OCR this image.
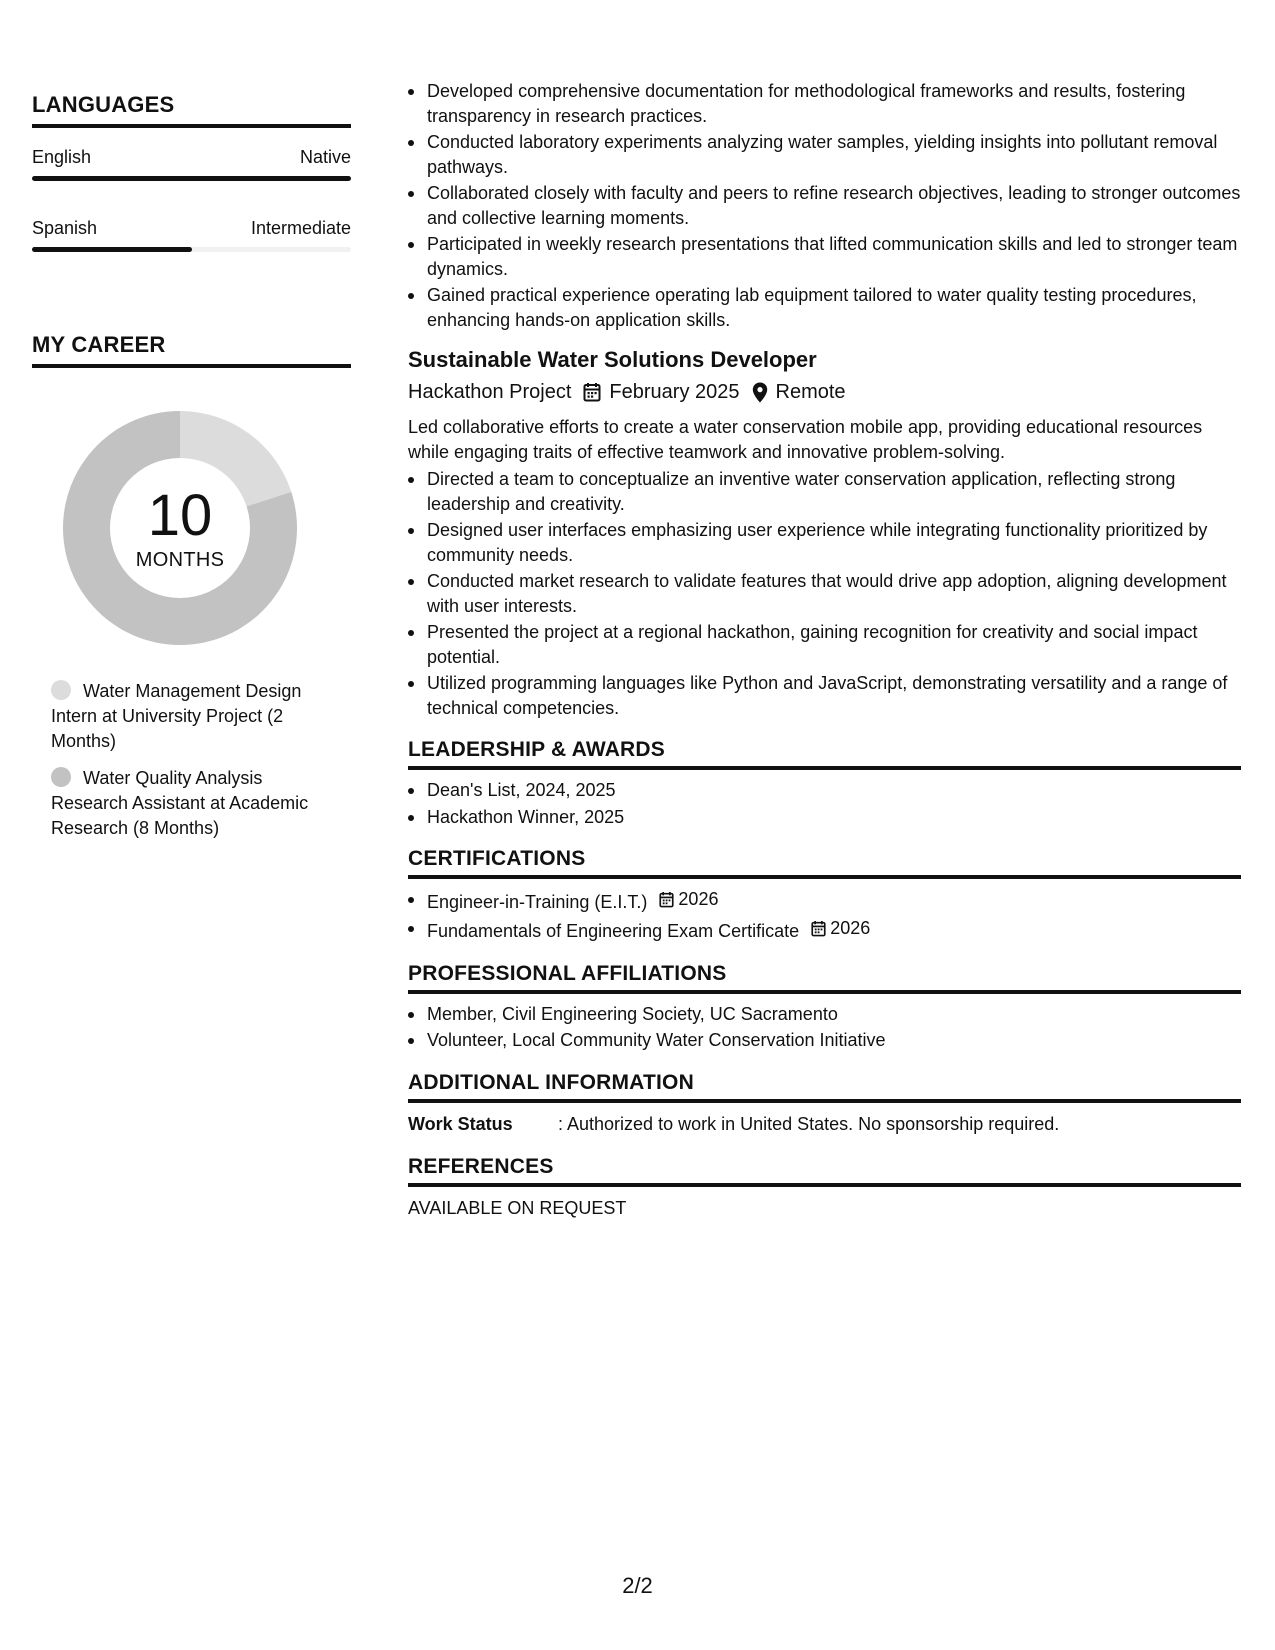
LANGUAGES
English	Native
Spanish	Intermediate
MY CAREER
10
MONTHS
Water Management Design Intern at University Project (2 Months)
Water Quality Analysis Research Assistant at Academic Research (8 Months)
Developed comprehensive documentation for methodological frameworks and results, fostering transparency in research practices.
Conducted laboratory experiments analyzing water samples, yielding insights into pollutant removal pathways.
Collaborated closely with faculty and peers to refine research objectives, leading to stronger outcomes and collective learning moments.
Participated in weekly research presentations that lifted communication skills and led to stronger team dynamics.
Gained practical experience operating lab equipment tailored to water quality testing procedures, enhancing hands-on application skills.
Sustainable Water Solutions Developer
Hackathon Project February 2025 Remote
Led collaborative efforts to create a water conservation mobile app, providing educational resources while engaging traits of effective teamwork and innovative problem-solving.
Directed a team to conceptualize an inventive water conservation application, reflecting strong leadership and creativity.
Designed user interfaces emphasizing user experience while integrating functionality prioritized by community needs.
Conducted market research to validate features that would drive app adoption, aligning development with user interests.
Presented the project at a regional hackathon, gaining recognition for creativity and social impact potential.
Utilized programming languages like Python and JavaScript, demonstrating versatility and a range of technical competencies.
LEADERSHIP & AWARDS
Dean's List, 2024, 2025
Hackathon Winner, 2025
CERTIFICATIONS
Engineer-in-Training (E.I.T.) 2026
Fundamentals of Engineering Exam Certificate 2026
PROFESSIONAL AFFILIATIONS
Member, Civil Engineering Society, UC Sacramento
Volunteer, Local Community Water Conservation Initiative
ADDITIONAL INFORMATION
Work Status	: Authorized to work in United States. No sponsorship required.
REFERENCES
AVAILABLE ON REQUEST
2/2
